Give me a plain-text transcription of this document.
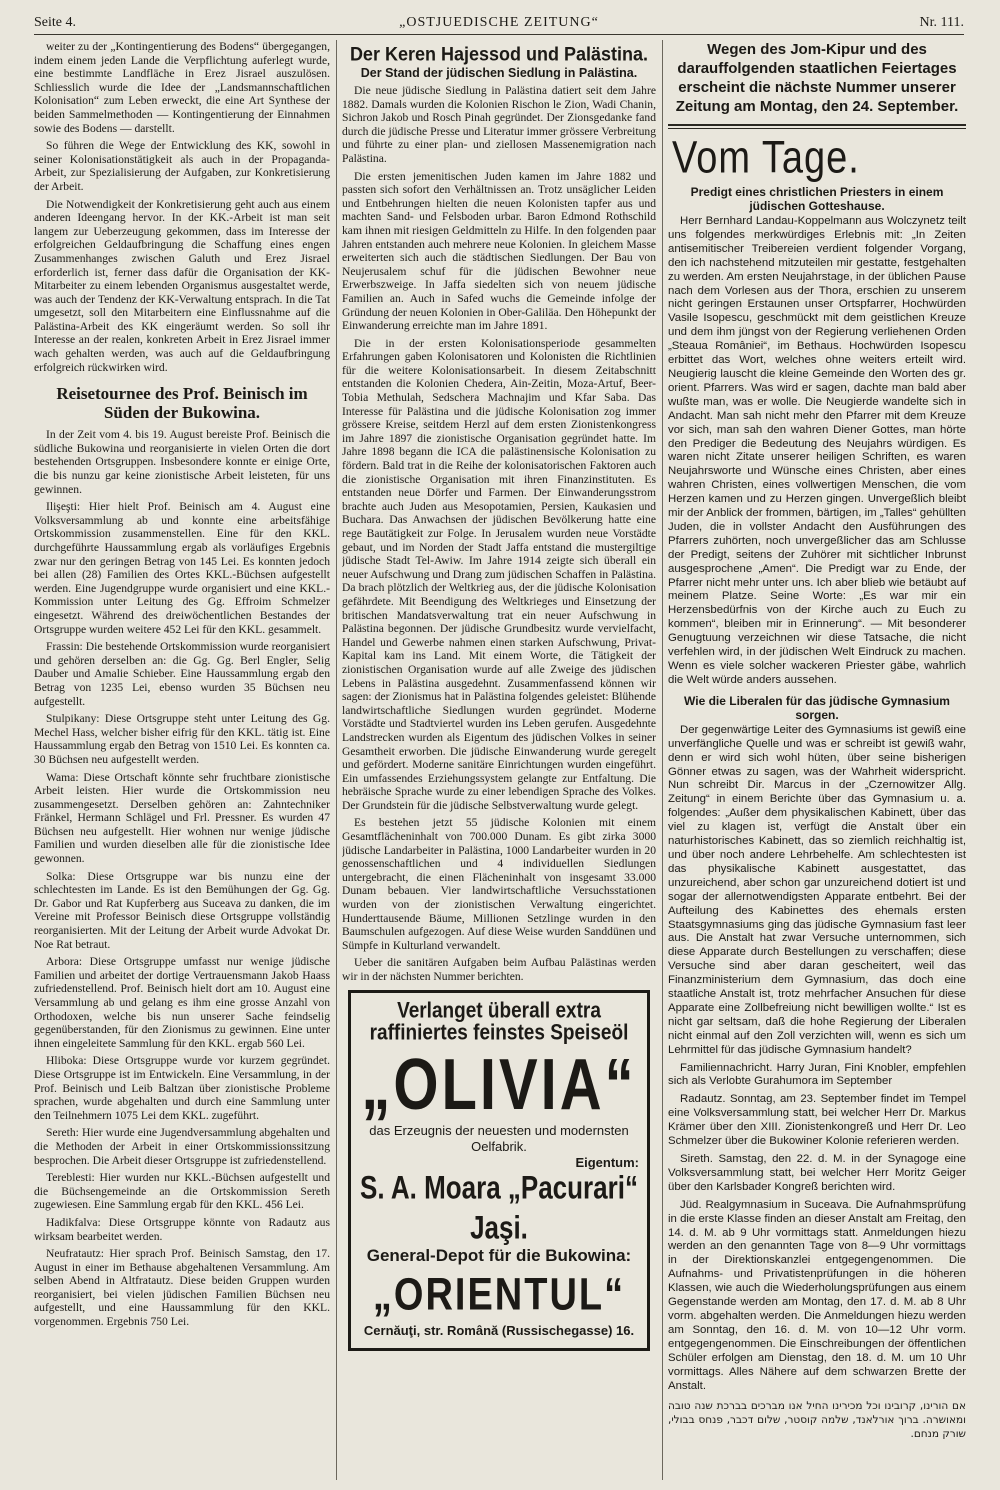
Seite 4.	„OSTJUEDISCHE ZEITUNG“	Nr. 111.

weiter zu der „Kontingentierung des Bodens“ übergegangen, indem einem jeden Lande die Verpflichtung auferlegt wurde, eine bestimmte Landfläche in Erez Jisrael auszulösen. Schliesslich wurde die Idee der „Landsmannschaftlichen Kolonisation“ zum Leben erweckt, die eine Art Synthese der beiden Sammelmethoden — Kontingentierung der Einnahmen sowie des Bodens — darstellt.

So führen die Wege der Entwicklung des KK, sowohl in seiner Kolonisationstätigkeit als auch in der Propaganda-Arbeit, zur Spezialisierung der Aufgaben, zur Konkretisierung der Arbeit.

Die Notwendigkeit der Konkretisierung geht auch aus einem anderen Ideengang hervor. In der KK.-Arbeit ist man seit langem zur Ueberzeugung gekommen, dass im Interesse der erfolgreichen Geldaufbringung die Schaffung eines engen Zusammenhanges zwischen Galuth und Erez Jisrael erforderlich ist, ferner dass dafür die Organisation der KK-Mitarbeiter zu einem lebenden Organismus ausgestaltet werde, was auch der Tendenz der KK-Verwaltung entsprach. In die Tat umgesetzt, soll den Mitarbeitern eine Einflussnahme auf die Palästina-Arbeit des KK eingeräumt werden. So soll ihr Interesse an der realen, konkreten Arbeit in Erez Jisrael immer wach gehalten werden, was auch auf die Geldaufbringung erfolgreich rückwirken wird.

Reisetournee des Prof. Beinisch im Süden der Bukowina.

In der Zeit vom 4. bis 19. August bereiste Prof. Beinisch die südliche Bukowina und reorganisierte in vielen Orten die dort bestehenden Ortsgruppen. Insbesondere konnte er einige Orte, die bis nunzu gar keine zionistische Arbeit leisteten, für uns gewinnen.

Ilişeşti: Hier hielt Prof. Beinisch am 4. August eine Volksversammlung ab und konnte eine arbeitsfähige Ortskommission zusammenstellen. Eine für den KKL. durchgeführte Haussammlung ergab als vorläufiges Ergebnis zwar nur den geringen Betrag von 145 Lei. Es konnten jedoch bei allen (28) Familien des Ortes KKL.-Büchsen aufgestellt werden. Eine Jugendgruppe wurde organisiert und eine KKL.-Kommission unter Leitung des Gg. Effroim Schmelzer eingesetzt. Während des dreiwöchentlichen Bestandes der Ortsgruppe wurden weitere 452 Lei für den KKL. gesammelt.

Frassin: Die bestehende Ortskommission wurde reorganisiert und gehören derselben an: die Gg. Gg. Berl Engler, Selig Dauber und Amalie Schieber. Eine Haussammlung ergab den Betrag von 1235 Lei, ebenso wurden 35 Büchsen neu aufgestellt.

Stulpikany: Diese Ortsgruppe steht unter Leitung des Gg. Mechel Hass, welcher bisher eifrig für den KKL. tätig ist. Eine Haussammlung ergab den Betrag von 1510 Lei. Es konnten ca. 30 Büchsen neu aufgestellt werden.

Wama: Diese Ortschaft könnte sehr fruchtbare zionistische Arbeit leisten. Hier wurde die Ortskommission neu zusammengesetzt. Derselben gehören an: Zahntechniker Fränkel, Hermann Schlägel und Frl. Pressner. Es wurden 47 Büchsen neu aufgestellt. Hier wohnen nur wenige jüdische Familien und wurden dieselben alle für die zionistische Idee gewonnen.

Solka: Diese Ortsgruppe war bis nunzu eine der schlechtesten im Lande. Es ist den Bemühungen der Gg. Gg. Dr. Gabor und Rat Kupferberg aus Suceava zu danken, die im Vereine mit Professor Beinisch diese Ortsgruppe vollständig reorganisierten. Mit der Leitung der Arbeit wurde Advokat Dr. Noe Rat betraut.

Arbora: Diese Ortsgruppe umfasst nur wenige jüdische Familien und arbeitet der dortige Vertrauensmann Jakob Haass zufriedenstellend. Prof. Beinisch hielt dort am 10. August eine Versammlung ab und gelang es ihm eine grosse Anzahl von Orthodoxen, welche bis nun unserer Sache feindselig gegenüberstanden, für den Zionismus zu gewinnen. Eine unter ihnen eingeleitete Sammlung für den KKL. ergab 560 Lei.

Hliboka: Diese Ortsgruppe wurde vor kurzem gegründet. Diese Ortsgruppe ist im Entwickeln. Eine Versammlung, in der Prof. Beinisch und Leib Baltzan über zionistische Probleme sprachen, wurde abgehalten und durch eine Sammlung unter den Teilnehmern 1075 Lei dem KKL. zugeführt.

Sereth: Hier wurde eine Jugendversammlung abgehalten und die Methoden der Arbeit in einer Ortskommissionssitzung besprochen. Die Arbeit dieser Ortsgruppe ist zufriedenstellend.

Tereblesti: Hier wurden nur KKL.-Büchsen aufgestellt und die Büchsengemeinde an die Ortskommission Sereth zugewiesen. Eine Sammlung ergab für den KKL. 456 Lei.

Hadikfalva: Diese Ortsgruppe könnte von Radautz aus wirksam bearbeitet werden.

Neufratautz: Hier sprach Prof. Beinisch Samstag, den 17. August in einer im Bethause abgehaltenen Versammlung. Am selben Abend in Altfratautz. Diese beiden Gruppen wurden reorganisiert, bei vielen jüdischen Familien Büchsen neu aufgestellt, und eine Haussammlung für den KKL. vorgenommen. Ergebnis 750 Lei.

Der Keren Hajessod und Palästina.
Der Stand der jüdischen Siedlung in Palästina.

Die neue jüdische Siedlung in Palästina datiert seit dem Jahre 1882. Damals wurden die Kolonien Rischon le Zion, Wadi Chanin, Sichron Jakob und Rosch Pinah gegründet. Der Zionsgedanke fand durch die jüdische Presse und Literatur immer grössere Verbreitung und führte zu einer plan- und ziellosen Massenemigration nach Palästina.

Die ersten jemenitischen Juden kamen im Jahre 1882 und passten sich sofort den Verhältnissen an. Trotz unsäglicher Leiden und Entbehrungen hielten die neuen Kolonisten tapfer aus und machten Sand- und Felsboden urbar. Baron Edmond Rothschild kam ihnen mit riesigen Geldmitteln zu Hilfe. In den folgenden paar Jahren entstanden auch mehrere neue Kolonien. In gleichem Masse erweiterten sich auch die städtischen Siedlungen. Der Bau von Neujerusalem schuf für die jüdischen Bewohner neue Erwerbszweige. In Jaffa siedelten sich von neuem jüdische Familien an. Auch in Safed wuchs die Gemeinde infolge der Gründung der neuen Kolonien in Ober-Galiläa. Den Höhepunkt der Einwanderung erreichte man im Jahre 1891.

Die in der ersten Kolonisationsperiode gesammelten Erfahrungen gaben Kolonisatoren und Kolonisten die Richtlinien für die weitere Kolonisationsarbeit. In diesem Zeitabschnitt entstanden die Kolonien Chedera, Ain-Zeitin, Moza-Artuf, Beer-Tobia Methulah, Sedschera Machnajim und Kfar Saba. Das Interesse für Palästina und die jüdische Kolonisation zog immer grössere Kreise, seitdem Herzl auf dem ersten Zionistenkongress im Jahre 1897 die zionistische Organisation gegründet hatte. Im Jahre 1898 begann die ICA die palästinensische Kolonisation zu fördern. Bald trat in die Reihe der kolonisatorischen Faktoren auch die zionistische Organisation mit ihren Finanzinstituten. Es entstanden neue Dörfer und Farmen. Der Einwanderungsstrom brachte auch Juden aus Mesopotamien, Persien, Kaukasien und Buchara. Das Anwachsen der jüdischen Bevölkerung hatte eine rege Bautätigkeit zur Folge. In Jerusalem wurden neue Vorstädte gebaut, und im Norden der Stadt Jaffa entstand die mustergiltige jüdische Stadt Tel-Awiw. Im Jahre 1914 zeigte sich überall ein neuer Aufschwung und Drang zum jüdischen Schaffen in Palästina. Da brach plötzlich der Weltkrieg aus, der die jüdische Kolonisation gefährdete. Mit Beendigung des Weltkrieges und Einsetzung der britischen Mandatsverwaltung trat ein neuer Aufschwung in Palästina begonnen. Der jüdische Grundbesitz wurde vervielfacht, Handel und Gewerbe nahmen einen starken Aufschwung, Privat-Kapital kam ins Land. Mit einem Worte, die Tätigkeit der zionistischen Organisation wurde auf alle Zweige des jüdischen Lebens in Palästina ausgedehnt. Zusammenfassend können wir sagen: der Zionismus hat in Palästina folgendes geleistet: Blühende landwirtschaftliche Siedlungen wurden gegründet. Moderne Vorstädte und Stadtviertel wurden ins Leben gerufen. Ausgedehnte Landstrecken wurden als Eigentum des jüdischen Volkes in seiner Gesamtheit erworben. Die jüdische Einwanderung wurde geregelt und gefördert. Moderne sanitäre Einrichtungen wurden eingeführt. Ein umfassendes Erziehungssystem gelangte zur Entfaltung. Die hebräische Sprache wurde zu einer lebendigen Sprache des Volkes. Der Grundstein für die jüdische Selbstverwaltung wurde gelegt.

Es bestehen jetzt 55 jüdische Kolonien mit einem Gesamtflächeninhalt von 700.000 Dunam. Es gibt zirka 3000 jüdische Landarbeiter in Palästina, 1000 Landarbeiter wurden in 20 genossenschaftlichen und 4 individuellen Siedlungen untergebracht, die einen Flächeninhalt von insgesamt 33.000 Dunam bebauen. Vier landwirtschaftliche Versuchsstationen wurden von der zionistischen Verwaltung eingerichtet. Hunderttausende Bäume, Millionen Setzlinge wurden in den Baumschulen aufgezogen. Auf diese Weise wurden Sanddünen und Sümpfe in Kulturland verwandelt.

Ueber die sanitären Aufgaben beim Aufbau Palästinas werden wir in der nächsten Nummer berichten.

Verlanget überall extra
raffiniertes feinstes Speiseöl
„OLIVIA“
das Erzeugnis der neuesten und modernsten Oelfabrik.
Eigentum:
S. A. Moara „Pacurari“ Jaşi.
General-Depot für die Bukowina:
„ORIENTUL“
Cernăuţi, str. Română (Russischegasse) 16.
Wegen des Jom-Kipur und des darauffolgenden staatlichen Feiertages erscheint die nächste Nummer unserer Zeitung am Montag, den 24. September.
Vom Tage.
Predigt eines christlichen Priesters in einem jüdischen Gotteshause.

Herr Bernhard Landau-Koppelmann aus Wolczynetz teilt uns folgendes merkwürdiges Erlebnis mit: „In Zeiten antisemitischer Treibereien verdient folgender Vorgang, den ich nachstehend mitzuteilen mir gestatte, festgehalten zu werden. Am ersten Neujahrstage, in der üblichen Pause nach dem Vorlesen aus der Thora, erschien zu unserem nicht geringen Erstaunen unser Ortspfarrer, Hochwürden Vasile Isopescu, geschmückt mit dem geistlichen Kreuze und dem ihm jüngst von der Regierung verliehenen Orden „Steaua României“, im Bethaus. Hochwürden Isopescu erbittet das Wort, welches ohne weiters erteilt wird. Neugierig lauscht die kleine Gemeinde den Worten des gr. orient. Pfarrers. Was wird er sagen, dachte man bald aber wußte man, was er wolle. Die Neugierde wandelte sich in Andacht. Man sah nicht mehr den Pfarrer mit dem Kreuze vor sich, man sah den wahren Diener Gottes, man hörte den Prediger die Bedeutung des Neujahrs würdigen. Es waren nicht Zitate unserer heiligen Schriften, es waren Neujahrsworte und Wünsche eines Christen, aber eines wahren Christen, eines vollwertigen Menschen, die vom Herzen kamen und zu Herzen gingen. Unvergeßlich bleibt mir der Anblick der frommen, bärtigen, im „Talles“ gehüllten Juden, die in vollster Andacht den Ausführungen des Pfarrers zuhörten, noch unvergeßlicher das am Schlusse der Predigt, seitens der Zuhörer mit sichtlicher Inbrunst ausgesprochene „Amen“. Die Predigt war zu Ende, der Pfarrer nicht mehr unter uns. Ich aber blieb wie betäubt auf meinem Platze. Seine Worte: „Es war mir ein Herzensbedürfnis von der Kirche auch zu Euch zu kommen“, bleiben mir in Erinnerung“. — Mit besonderer Genugtuung verzeichnen wir diese Tatsache, die nicht verfehlen wird, in der jüdischen Welt Eindruck zu machen. Wenn es viele solcher wackeren Priester gäbe, wahrlich die Welt würde anders aussehen.

Wie die Liberalen für das jüdische Gymnasium sorgen.

Der gegenwärtige Leiter des Gymnasiums ist gewiß eine unverfängliche Quelle und was er schreibt ist gewiß wahr, denn er wird sich wohl hüten, über seine bisherigen Gönner etwas zu sagen, was der Wahrheit widerspricht. Nun schreibt Dir. Marcus in der „Czernowitzer Allg. Zeitung“ in einem Berichte über das Gymnasium u. a. folgendes: „Außer dem physikalischen Kabinett, über das viel zu klagen ist, verfügt die Anstalt über ein naturhistorisches Kabinett, das so ziemlich reichhaltig ist, und über noch andere Lehrbehelfe. Am schlechtesten ist das physikalische Kabinett ausgestattet, das unzureichend, aber schon gar unzureichend dotiert ist und sogar der allernotwendigsten Apparate entbehrt. Bei der Aufteilung des Kabinettes des ehemals ersten Staatsgymnasiums ging das jüdische Gymnasium fast leer aus. Die Anstalt hat zwar Versuche unternommen, sich diese Apparate durch Bestellungen zu verschaffen; diese Versuche sind aber daran gescheitert, weil das Finanzministerium dem Gymnasium, das doch eine staatliche Anstalt ist, trotz mehrfacher Ansuchen für diese Apparate eine Zollbefreiung nicht bewilligen wollte.“ Ist es nicht gar seltsam, daß die hohe Regierung der Liberalen nicht einmal auf den Zoll verzichten will, wenn es sich um Lehrmittel für das jüdische Gymnasium handelt?

Familiennachricht. Harry Juran, Fini Knobler, empfehlen sich als Verlobte Gurahumora im September

Radautz. Sonntag, am 23. September findet im Tempel eine Volksversammlung statt, bei welcher Herr Dr. Markus Krämer über den XIII. Zionistenkongreß und Herr Dr. Leo Schmelzer über die Bukowiner Kolonie referieren werden.

Sireth. Samstag, den 22. d. M. in der Synagoge eine Volksversammlung statt, bei welcher Herr Moritz Geiger über den Karlsbader Kongreß berichten wird.

Jüd. Realgymnasium in Suceava. Die Aufnahmsprüfung in die erste Klasse finden an dieser Anstalt am Freitag, den 14. d. M. ab 9 Uhr vormittags statt. Anmeldungen hiezu werden an den genannten Tage von 8—9 Uhr vormittags in der Direktionskanzlei entgegengenommen. Die Aufnahms- und Privatistenprüfungen in die höheren Klassen, wie auch die Wiederholungsprüfungen aus einem Gegenstande werden am Montag, den 17. d. M. ab 8 Uhr vorm. abgehalten werden. Die Anmeldungen hiezu werden am Sonntag, den 16. d. M. von 10—12 Uhr vorm. entgegengenommen. Die Einschreibungen der öffentlichen Schüler erfolgen am Dienstag, den 18. d. M. um 10 Uhr vormittags. Alles Nähere auf dem schwarzen Brette der Anstalt.

אם הורינו, קרובינו וכל מכירינו החיל אנו מברכים בברכת שנה טובה ומאושרה. ברוך אורלאנד, שלמה קוסטר, שלום דכבר, פנחס בבולי, שורק מנחם.
